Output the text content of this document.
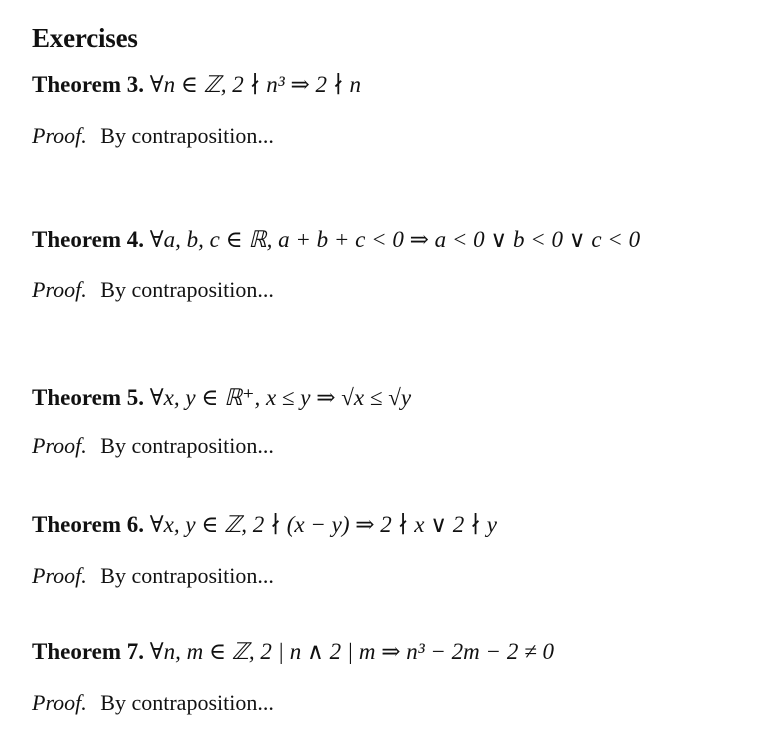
Exercises
Theorem 3. ∀n ∈ ℤ, 2 ∤ n³ ⇒ 2 ∤ n
Proof. By contraposition...
Theorem 4. ∀a, b, c ∈ ℝ, a + b + c < 0 ⇒ a < 0 ∨ b < 0 ∨ c < 0
Proof. By contraposition...
Theorem 5. ∀x, y ∈ ℝ⁺, x ≤ y ⇒ √x ≤ √y
Proof. By contraposition...
Theorem 6. ∀x, y ∈ ℤ, 2 ∤ (x − y) ⇒ 2 ∤ x ∨ 2 ∤ y
Proof. By contraposition...
Theorem 7. ∀n, m ∈ ℤ, 2 | n ∧ 2 | m ⇒ n³ − 2m − 2 ≠ 0
Proof. By contraposition...
